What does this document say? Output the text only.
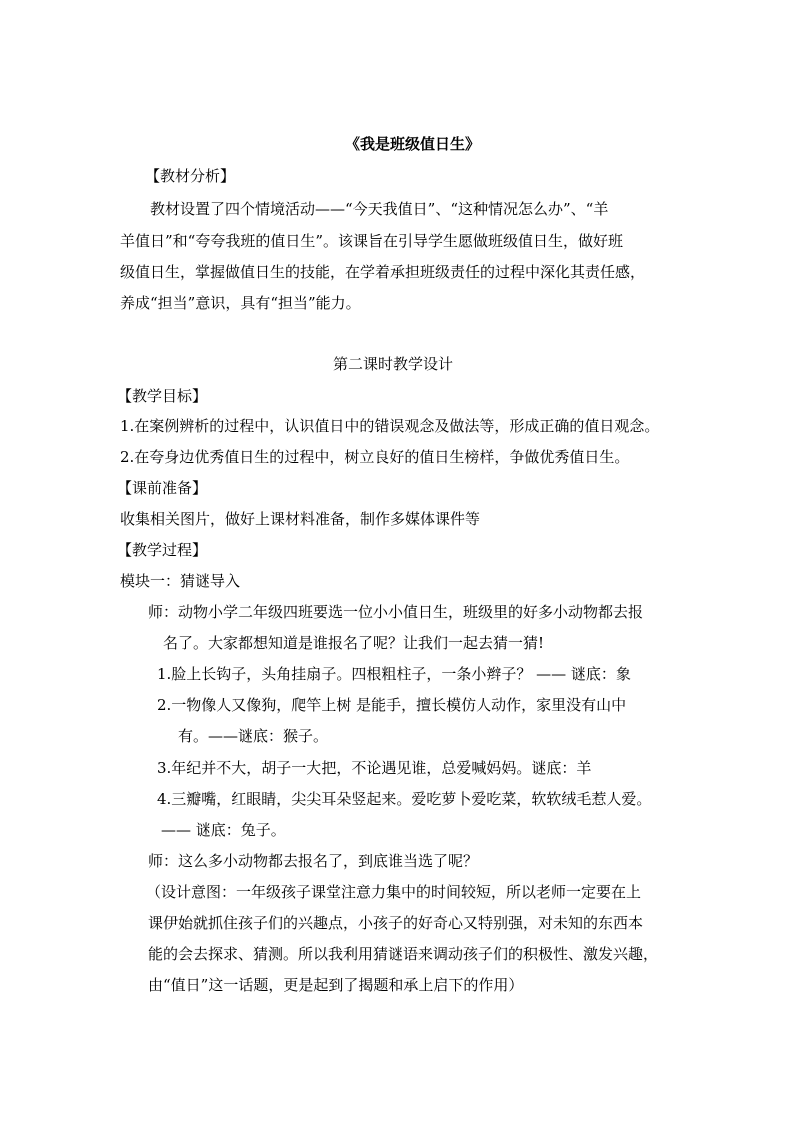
《我是班级值日生》
【教材分析】
教材设置了四个情境活动——“今天我值日”、“这种情况怎么办”、“羊
羊值日”和“夸夸我班的值日生”。该课旨在引导学生愿做班级值日生，做好班
级值日生，掌握做值日生的技能，在学着承担班级责任的过程中深化其责任感，
养成“担当”意识，具有“担当”能力。
第二课时教学设计
【教学目标】
1.在案例辨析的过程中，认识值日中的错误观念及做法等，形成正确的值日观念。
2.在夸身边优秀值日生的过程中，树立良好的值日生榜样，争做优秀值日生。
【课前准备】
收集相关图片，做好上课材料准备，制作多媒体课件等
【教学过程】
模块一：猜谜导入
师：动物小学二年级四班要选一位小小值日生，班级里的好多小动物都去报
名了。大家都想知道是谁报名了呢？让我们一起去猜一猜!
1.脸上长钩子，头角挂扇子。四根粗柱子，一条小辫子？ —— 谜底：象
2.一物像人又像狗，爬竿上树 是能手，擅长模仿人动作，家里没有山中
有。——谜底：猴子。
3.年纪并不大，胡子一大把，不论遇见谁，总爱喊妈妈。谜底：羊
4.三瓣嘴，红眼睛，尖尖耳朵竖起来。爱吃萝卜爱吃菜，软软绒毛惹人爱。
—— 谜底：兔子。
师：这么多小动物都去报名了，到底谁当选了呢？
（设计意图：一年级孩子课堂注意力集中的时间较短，所以老师一定要在上
课伊始就抓住孩子们的兴趣点，小孩子的好奇心又特别强，对未知的东西本
能的会去探求、猜测。所以我利用猜谜语来调动孩子们的积极性、激发兴趣，
由“值日”这一话题，更是起到了揭题和承上启下的作用）
